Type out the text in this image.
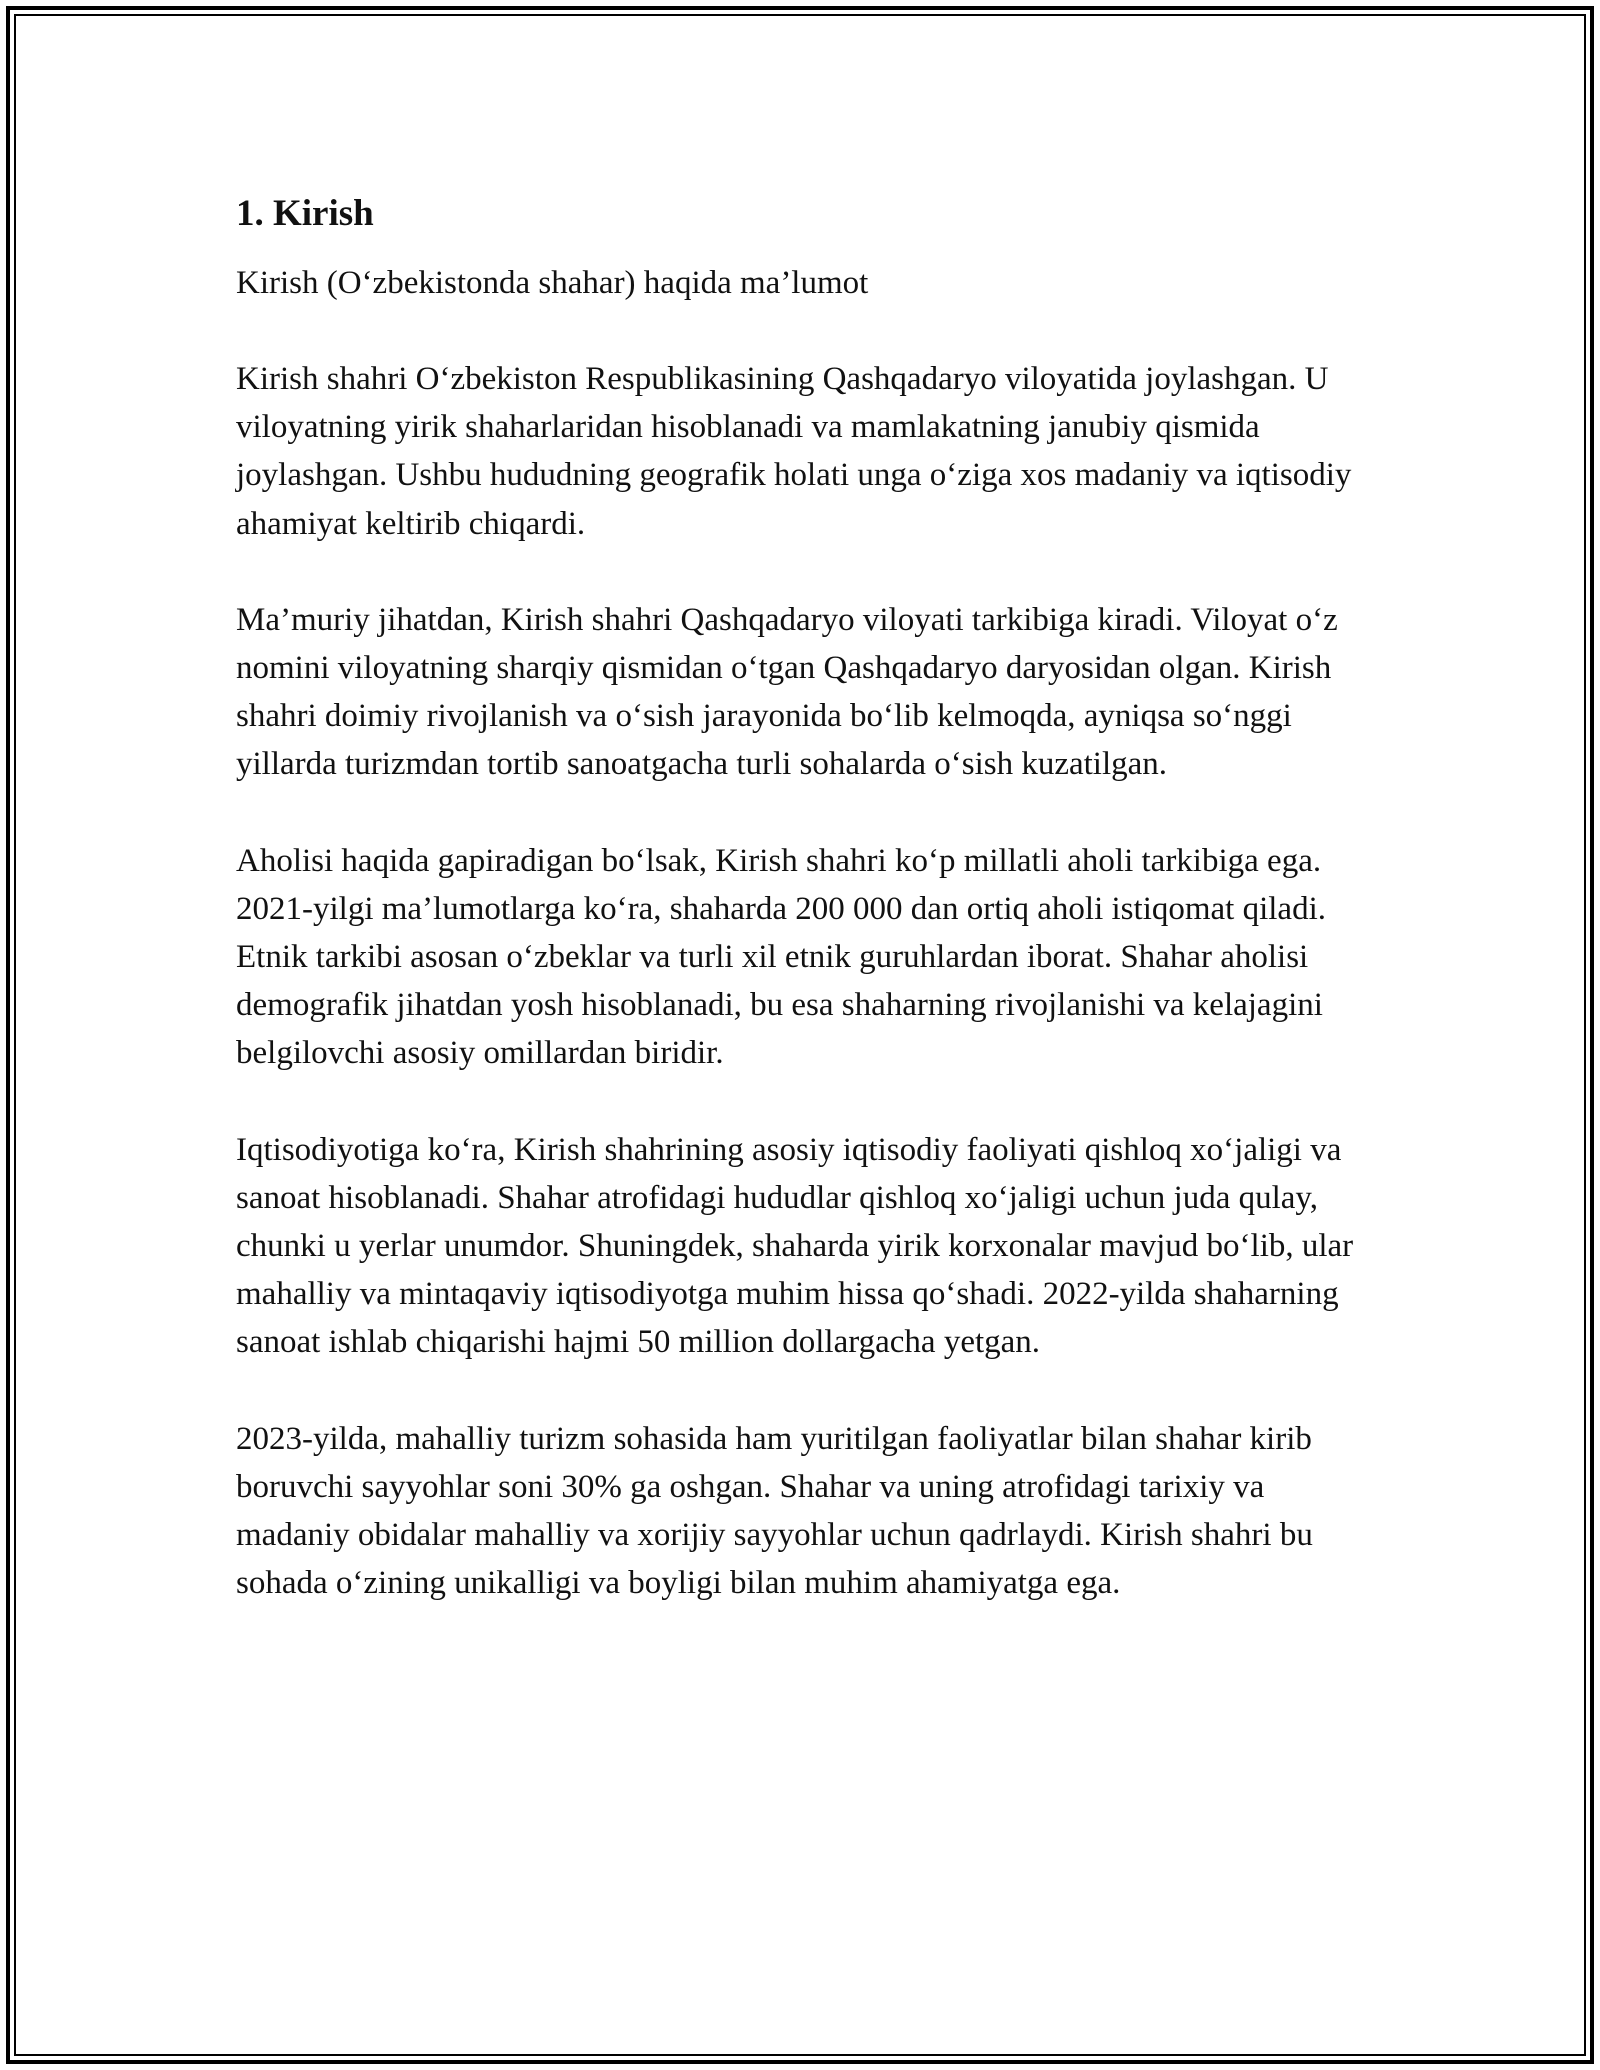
1. Kirish

Kirish (O‘zbekistonda shahar) haqida ma’lumot

Kirish shahri O‘zbekiston Respublikasining Qashqadaryo viloyatida joylashgan. U viloyatning yirik shaharlaridan hisoblanadi va mamlakatning janubiy qismida joylashgan. Ushbu hududning geografik holati unga o‘ziga xos madaniy va iqtisodiy ahamiyat keltirib chiqardi.

Ma’muriy jihatdan, Kirish shahri Qashqadaryo viloyati tarkibiga kiradi. Viloyat o‘z nomini viloyatning sharqiy qismidan o‘tgan Qashqadaryo daryosidan olgan. Kirish shahri doimiy rivojlanish va o‘sish jarayonida bo‘lib kelmoqda, ayniqsa so‘nggi yillarda turizmdan tortib sanoatgacha turli sohalarda o‘sish kuzatilgan.

Aholisi haqida gapiradigan bo‘lsak, Kirish shahri ko‘p millatli aholi tarkibiga ega. 2021-yilgi ma’lumotlarga ko‘ra, shaharda 200 000 dan ortiq aholi istiqomat qiladi. Etnik tarkibi asosan o‘zbeklar va turli xil etnik guruhlardan iborat. Shahar aholisi demografik jihatdan yosh hisoblanadi, bu esa shaharning rivojlanishi va kelajagini belgilovchi asosiy omillardan biridir.

Iqtisodiyotiga ko‘ra, Kirish shahrining asosiy iqtisodiy faoliyati qishloq xo‘jaligi va sanoat hisoblanadi. Shahar atrofidagi hududlar qishloq xo‘jaligi uchun juda qulay, chunki u yerlar unumdor. Shuningdek, shaharda yirik korxonalar mavjud bo‘lib, ular mahalliy va mintaqaviy iqtisodiyotga muhim hissa qo‘shadi. 2022-yilda shaharning sanoat ishlab chiqarishi hajmi 50 million dollargacha yetgan.

2023-yilda, mahalliy turizm sohasida ham yuritilgan faoliyatlar bilan shahar kirib boruvchi sayyohlar soni 30% ga oshgan. Shahar va uning atrofidagi tarixiy va madaniy obidalar mahalliy va xorijiy sayyohlar uchun qadrlaydi. Kirish shahri bu sohada o‘zining unikalligi va boyligi bilan muhim ahamiyatga ega.
